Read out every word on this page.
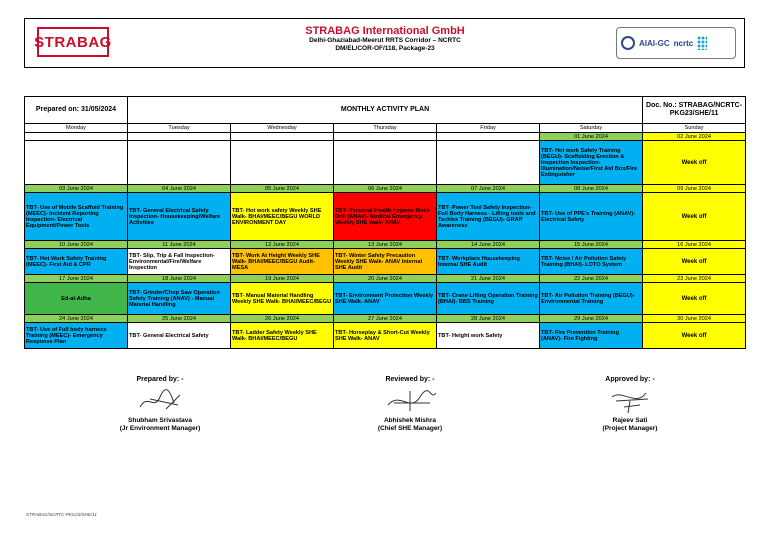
STRABAG
STRABAG International GmbH
Delhi-Ghaziabad-Meerut RRTS Corridor – NCRTC
DM/EL/COR-OF/118, Package-23
AIAI-GC ncrtc
Prepared on: 31/05/2024	MONTHLY ACTIVITY PLAN					Doc. No.: STRABAG/NCRTC-PKG23/SHE/11
Monday	Tuesday	Wednesday	Thursday	Friday	Saturday	Sunday
					01 June 2024	02 June 2024
					TBT- Hot work Safety Training (BEGU)- Scaffolding Erection & Inspection Inspection- Illumination/Noise/First Aid Box/Fire Extinguisher	Week off
03 June 2024	04 June 2024	05 June 2024	06 June 2024	07 June 2024	08 June 2024	09 June 2024
TBT- Use of Mobile Scaffold Training (MEEC)- Incident Reporting Inspection- Electrical Equipment/Power Tools	TBT- General Electrical Safety Inspection- Housekeeping/Welfare Activities	TBT- Hot work safety Weekly SHE Walk- BHAI/MEEC/BEGU WORLD ENVIRONMENT DAY	TBT- Personal Health hygiene Mock Drill (ANAV)- Medical Emergency Weekly SHE Walk- ANAV	TBT- Power Tool Safety Inspection- Full Body Harness - Lifting tools and Tackles Training (BEGU)- GRAP Awareness	TBT- Use of PPE's Training (ANAV)- Electrical Safety	Week off
10 June 2024	11 June 2024	12 June 2024	13 June 2024	14 June 2024	15 June 2024	16 June 2024
TBT- Hot Work Safety Training (MEEC)- First Aid & CPR	TBT- Slip, Trip & Fall Inspection- Environmental/Fire/Welfare Inspection	TBT- Work At Height Weekly SHE Walk- BHAI/MEEC/BEGU Audit- MESA	TBT- Winter Safety Precaution Weekly SHE Walk- ANAV Internal SHE Audit	TBT- Workplace Housekeeping Internal SHE Audit	TBT- Noise / Air Pollution Safety Training (BHAI)- LOTO System	Week off
17 June 2024	18 June 2024	19 June 2024	20 June 2024	21 June 2024	22 June 2024	23 June 2024
Ed-al-Adha	TBT- Grinder/Chop Saw Operation Safety Training (ANAV) - Manual Material Handling	TBT- Manual Material Handling Weekly SHE Walk- BHAI/MEEC/BEGU	TBT- Environment Protection Weekly SHE Walk- ANAV	TBT- Crane Lifting Operation Training (BHAI)- BBS Training	TBT- Air Pollution Training (BEGU)- Environmental Training	Week off
24 June 2024	25 June 2024	26 June 2024	27 June 2024	28 June 2024	29 June 2024	30 June 2024
TBT- Use of Full body harness Training (MEEC)- Emergency Response Plan	TBT- General Electrical Safety	TBT- Ladder Safety Weekly SHE Walk- BHAI/MEEC/BEGU	TBT- Horseplay & Short-Cut Weekly SHE Walk- ANAV	TBT- Height work Safety	TBT- Fire Prevention Training (ANAV)- Fire Fighting	Week off
Prepared by: -
Shubham Srivastava
(Jr Environment Manager)
Reviewed by: -
Abhishek Mishra
(Chief SHE Manager)
Approved by: -
Rajeev Sati
(Project Manager)
STRABAG/NCRTC-PKG23/SHE/11
